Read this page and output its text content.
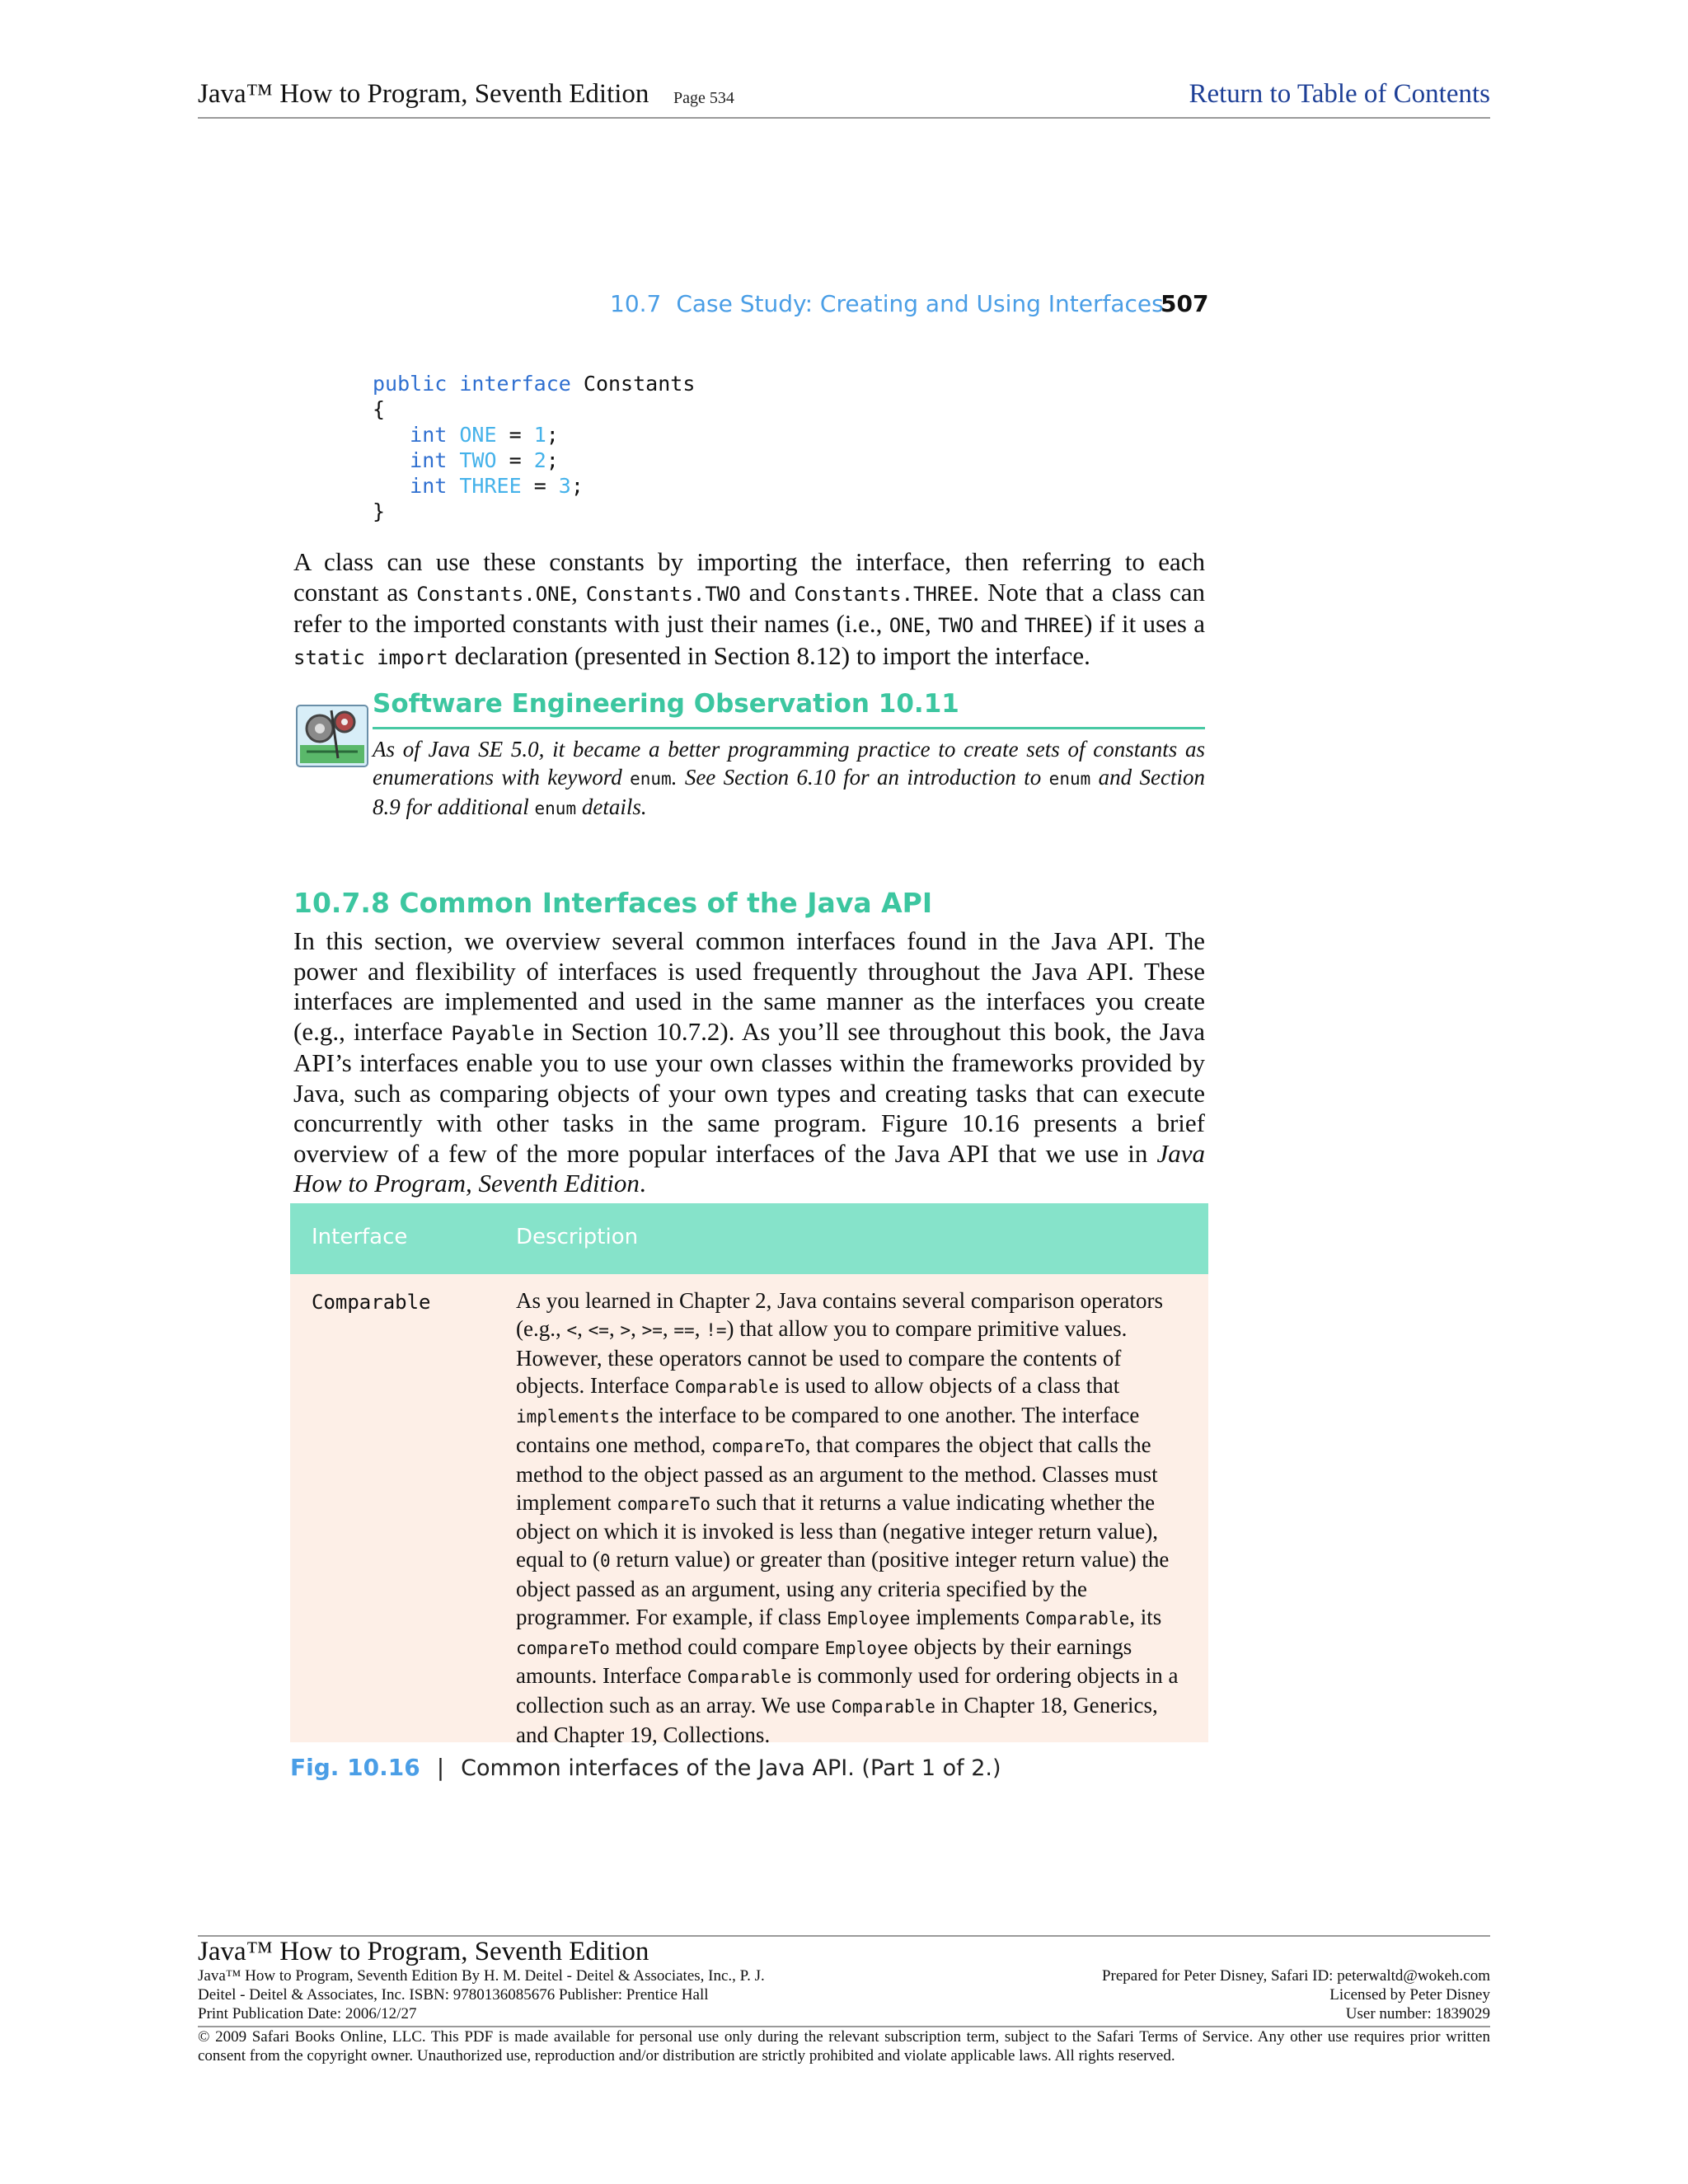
Java™ How to Program, Seventh Edition Page 534	Return to Table of Contents
10.7 Case Study: Creating and Using Interfaces
507
public interface Constants
{
int ONE = 1;
int TWO = 2;
int THREE = 3;
}

A class can use these constants by importing the interface, then referring to each constant as Constants.ONE, Constants.TWO and Constants.THREE. Note that a class can refer to the imported constants with just their names (i.e., ONE, TWO and THREE) if it uses a static import declaration (presented in Section 8.12) to import the interface.

Software Engineering Observation 10.11

As of Java SE 5.0, it became a better programming practice to create sets of constants as enumerations with keyword enum. See Section 6.10 for an introduction to enum and Section 8.9 for additional enum details.

10.7.8 Common Interfaces of the Java API

In this section, we overview several common interfaces found in the Java API. The power and flexibility of interfaces is used frequently throughout the Java API. These interfaces are implemented and used in the same manner as the interfaces you create (e.g., interface Payable in Section 10.7.2). As you’ll see throughout this book, the Java API’s interfaces enable you to use your own classes within the frameworks provided by Java, such as comparing objects of your own types and creating tasks that can execute concurrently with other tasks in the same program. Figure 10.16 presents a brief overview of a few of the more popular interfaces of the Java API that we use in Java How to Program, Seventh Edition.

Interface	Description
Comparable	As you learned in Chapter 2, Java contains several comparison operators (e.g., <, <=, >, >=, ==, !=) that allow you to compare primitive values. However, these operators cannot be used to compare the contents of objects. Interface Comparable is used to allow objects of a class that implements the interface to be compared to one another. The interface contains one method, compareTo, that compares the object that calls the method to the object passed as an argument to the method. Classes must implement compareTo such that it returns a value indicating whether the object on which it is invoked is less than (negative integer return value), equal to (0 return value) or greater than (positive integer return value) the object passed as an argument, using any criteria specified by the programmer. For example, if class Employee implements Comparable, its compareTo method could compare Employee objects by their earnings amounts. Interface Comparable is commonly used for ordering objects in a collection such as an array. We use Comparable in Chapter 18, Generics, and Chapter 19, Collections.

Fig. 10.16 | Common interfaces of the Java API. (Part 1 of 2.)
Java™ How to Program, Seventh Edition
Java™ How to Program, Seventh Edition By H. M. Deitel - Deitel & Associates, Inc., P. J.
Deitel - Deitel & Associates, Inc. ISBN: 9780136085676 Publisher: Prentice Hall
Print Publication Date: 2006/12/27
Prepared for Peter Disney, Safari ID: peterwaltd@wokeh.com
Licensed by Peter Disney
User number: 1839029

© 2009 Safari Books Online, LLC. This PDF is made available for personal use only during the relevant subscription term, subject to the Safari Terms of Service. Any other use requires prior written consent from the copyright owner. Unauthorized use, reproduction and/or distribution are strictly prohibited and violate applicable laws. All rights reserved.
